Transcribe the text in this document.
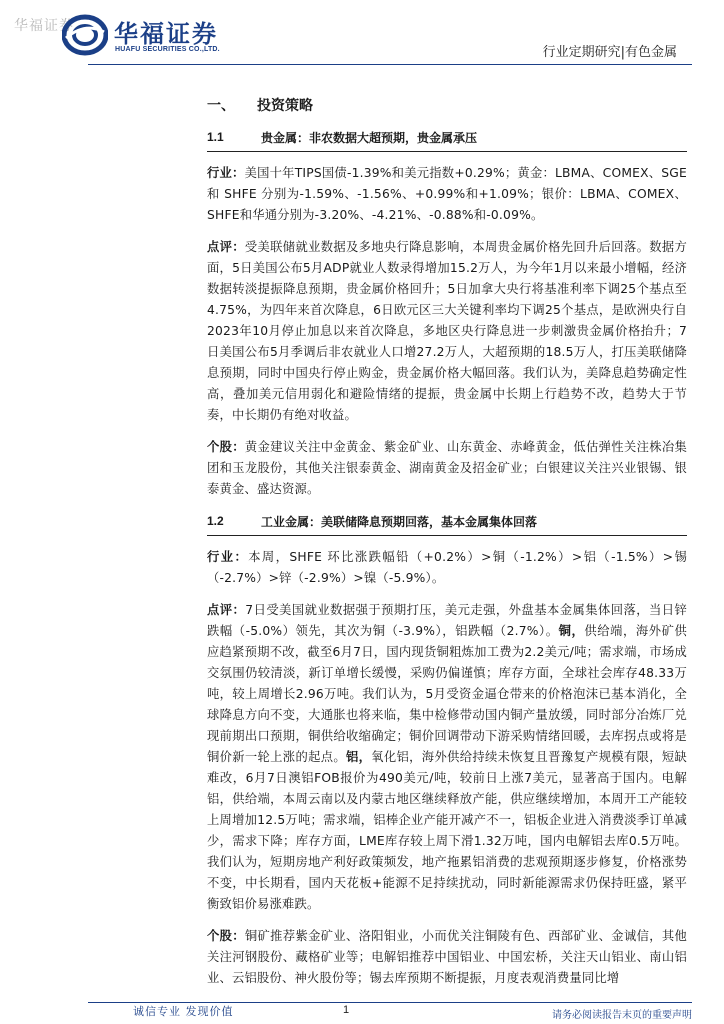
华福证券 华福证券
HUAFU SECURITIES CO.,LTD.	行业定期研究|有色金属
一、	投资策略
1.1	贵金属：非农数据大超预期，贵金属承压
行业：美国十年TIPS国债-1.39%和美元指数+0.29%；黄金：LBMA、COMEX、SGE 和 SHFE 分别为-1.59%、-1.56%、+0.99%和+1.09%；银价：LBMA、COMEX、SHFE和华通分别为-3.20%、-4.21%、-0.88%和-0.09%。
点评：受美联储就业数据及多地央行降息影响，本周贵金属价格先回升后回落。数据方面，5日美国公布5月ADP就业人数录得增加15.2万人，为今年1月以来最小增幅，经济数据转淡提振降息预期，贵金属价格回升；5日加拿大央行将基准利率下调25个基点至4.75%，为四年来首次降息，6日欧元区三大关键利率均下调25个基点，是欧洲央行自2023年10月停止加息以来首次降息，多地区央行降息进一步刺激贵金属价格抬升；7日美国公布5月季调后非农就业人口增27.2万人，大超预期的18.5万人，打压美联储降息预期，同时中国央行停止购金，贵金属价格大幅回落。我们认为，美降息趋势确定性高，叠加美元信用弱化和避险情绪的提振，贵金属中长期上行趋势不改，趋势大于节奏，中长期仍有绝对收益。
个股：黄金建议关注中金黄金、紫金矿业、山东黄金、赤峰黄金，低估弹性关注株冶集团和玉龙股份，其他关注银泰黄金、湖南黄金及招金矿业；白银建议关注兴业银锡、银泰黄金、盛达资源。
1.2	工业金属：美联储降息预期回落，基本金属集体回落
行业：本周，SHFE 环比涨跌幅铅（+0.2%）>铜（-1.2%）>铝（-1.5%）>锡（-2.7%）>锌（-2.9%）>镍（-5.9%）。
点评：7日受美国就业数据强于预期打压，美元走强，外盘基本金属集体回落，当日锌跌幅（-5.0%）领先，其次为铜（-3.9%），铝跌幅（2.7%）。铜，供给端，海外矿供应趋紧预期不改，截至6月7日，国内现货铜粗炼加工费为2.2美元/吨；需求端，市场成交氛围仍较清淡，新订单增长缓慢，采购仍偏谨慎；库存方面，全球社会库存48.33万吨，较上周增长2.96万吨。我们认为，5月受资金逼仓带来的价格泡沫已基本消化，全球降息方向不变，大通胀也将来临，集中检修带动国内铜产量放缓，同时部分冶炼厂兑现前期出口预期，铜供给收缩确定；铜价回调带动下游采购情绪回暖，去库拐点或将是铜价新一轮上涨的起点。铝，氧化铝，海外供给持续未恢复且晋豫复产规模有限，短缺难改，6月7日澳铝FOB报价为490美元/吨，较前日上涨7美元，显著高于国内。电解铝，供给端，本周云南以及内蒙古地区继续释放产能，供应继续增加，本周开工产能较上周增加12.5万吨；需求端，铝棒企业产能开减产不一，铝板企业进入消费淡季订单减少，需求下降；库存方面，LME库存较上周下滑1.32万吨，国内电解铝去库0.5万吨。我们认为，短期房地产利好政策频发，地产拖累铝消费的悲观预期逐步修复，价格涨势不变，中长期看，国内天花板+能源不足持续扰动，同时新能源需求仍保持旺盛，紧平衡致铝价易涨难跌。
个股：铜矿推荐紫金矿业、洛阳钼业，小而优关注铜陵有色、西部矿业、金诚信，其他关注河钢股份、藏格矿业等；电解铝推荐中国铝业、中国宏桥，关注天山铝业、南山铝业、云铝股份、神火股份等；锡去库预期不断提振，月度表观消费量同比增
诚信专业 发现价值	1	请务必阅读报告末页的重要声明
